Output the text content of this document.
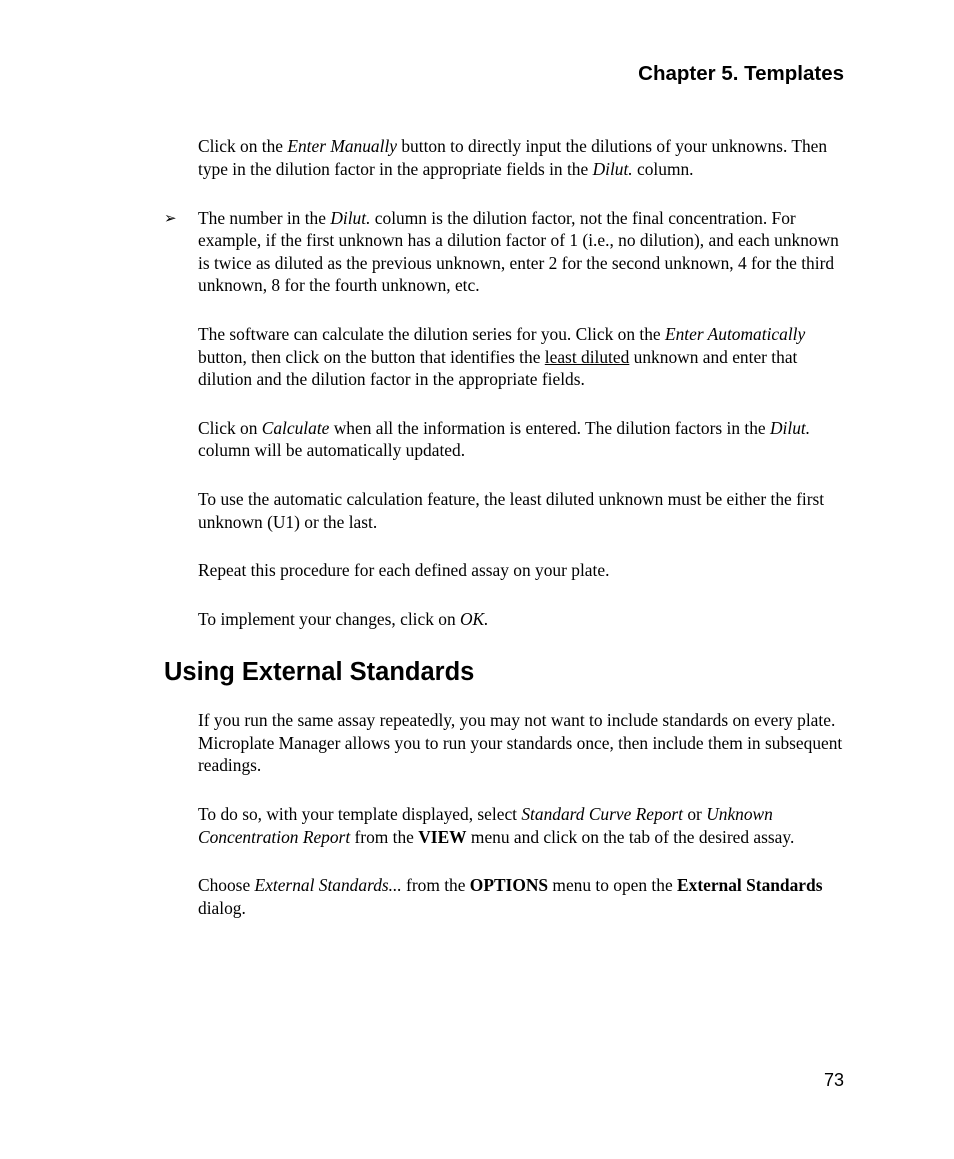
Chapter 5. Templates

Click on the Enter Manually button to directly input the dilutions of your unknowns. Then type in the dilution factor in the appropriate fields in the Dilut. column.

➢ The number in the Dilut. column is the dilution factor, not the final concentration. For example, if the first unknown has a dilution factor of 1 (i.e., no dilution), and each unknown is twice as diluted as the previous unknown, enter 2 for the second unknown, 4 for the third unknown, 8 for the fourth unknown, etc.

The software can calculate the dilution series for you. Click on the Enter Automatically button, then click on the button that identifies the least diluted unknown and enter that dilution and the dilution factor in the appropriate fields.

Click on Calculate when all the information is entered. The dilution factors in the Dilut. column will be automatically updated.

To use the automatic calculation feature, the least diluted unknown must be either the first unknown (U1) or the last.

Repeat this procedure for each defined assay on your plate.

To implement your changes, click on OK.

Using External Standards

If you run the same assay repeatedly, you may not want to include standards on every plate. Microplate Manager allows you to run your standards once, then include them in subsequent readings.

To do so, with your template displayed, select Standard Curve Report or Unknown Concentration Report from the VIEW menu and click on the tab of the desired assay.

Choose External Standards... from the OPTIONS menu to open the External Standards dialog.

73
